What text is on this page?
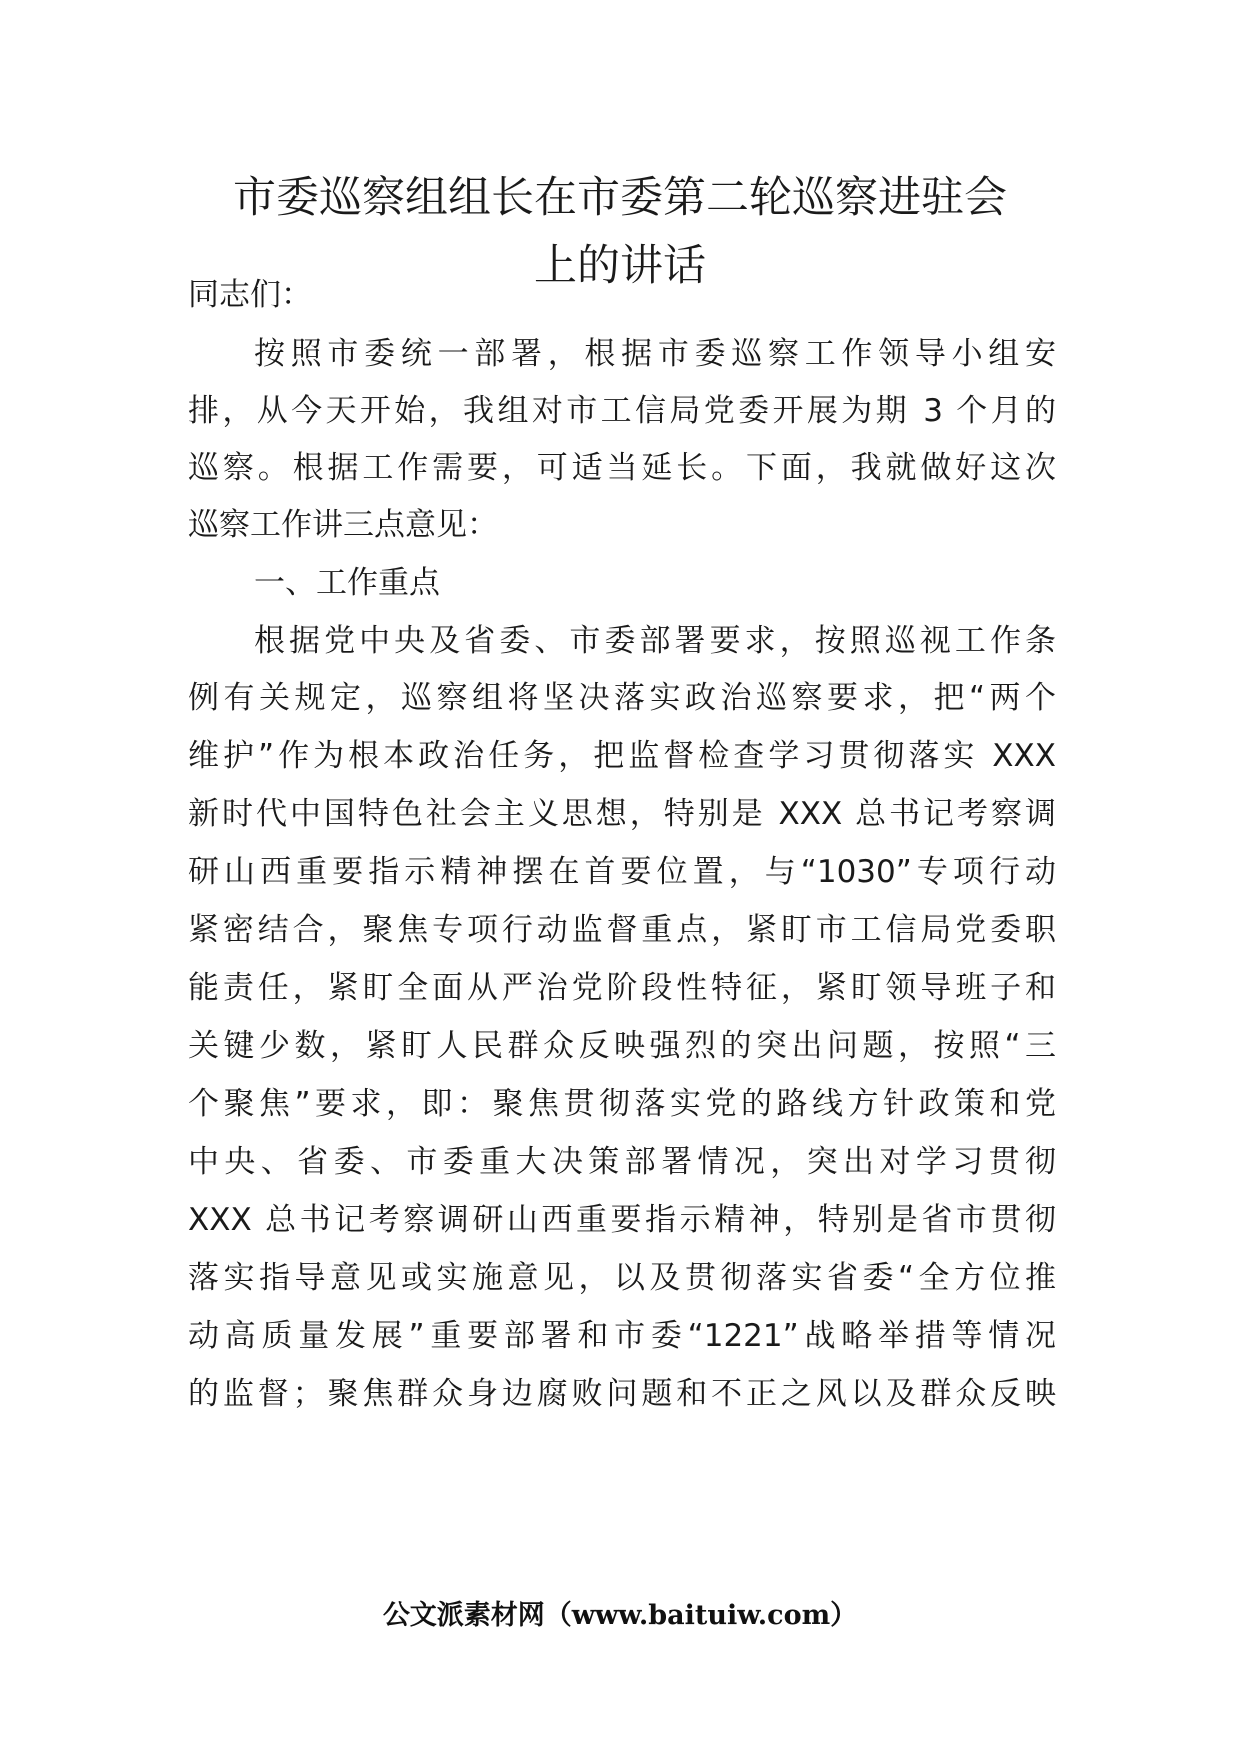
市委巡察组组长在市委第二轮巡察进驻会
上的讲话

同志们：

按照市委统一部署，根据市委巡察工作领导小组安

排，从今天开始，我组对市工信局党委开展为期 3 个月的

巡察。根据工作需要，可适当延长。下面，我就做好这次

巡察工作讲三点意见：

一、工作重点

根据党中央及省委、市委部署要求，按照巡视工作条

例有关规定，巡察组将坚决落实政治巡察要求，把“两个

维护”作为根本政治任务，把监督检查学习贯彻落实 XXX

新时代中国特色社会主义思想，特别是 XXX 总书记考察调

研山西重要指示精神摆在首要位置，与“1030”专项行动

紧密结合，聚焦专项行动监督重点，紧盯市工信局党委职

能责任，紧盯全面从严治党阶段性特征，紧盯领导班子和

关键少数，紧盯人民群众反映强烈的突出问题，按照“三

个聚焦”要求，即：聚焦贯彻落实党的路线方针政策和党

中央、省委、市委重大决策部署情况，突出对学习贯彻

XXX 总书记考察调研山西重要指示精神，特别是省市贯彻

落实指导意见或实施意见，以及贯彻落实省委“全方位推

动高质量发展”重要部署和市委“1221”战略举措等情况

的监督；聚焦群众身边腐败问题和不正之风以及群众反映

公文派素材网（www.baituiw.com）
